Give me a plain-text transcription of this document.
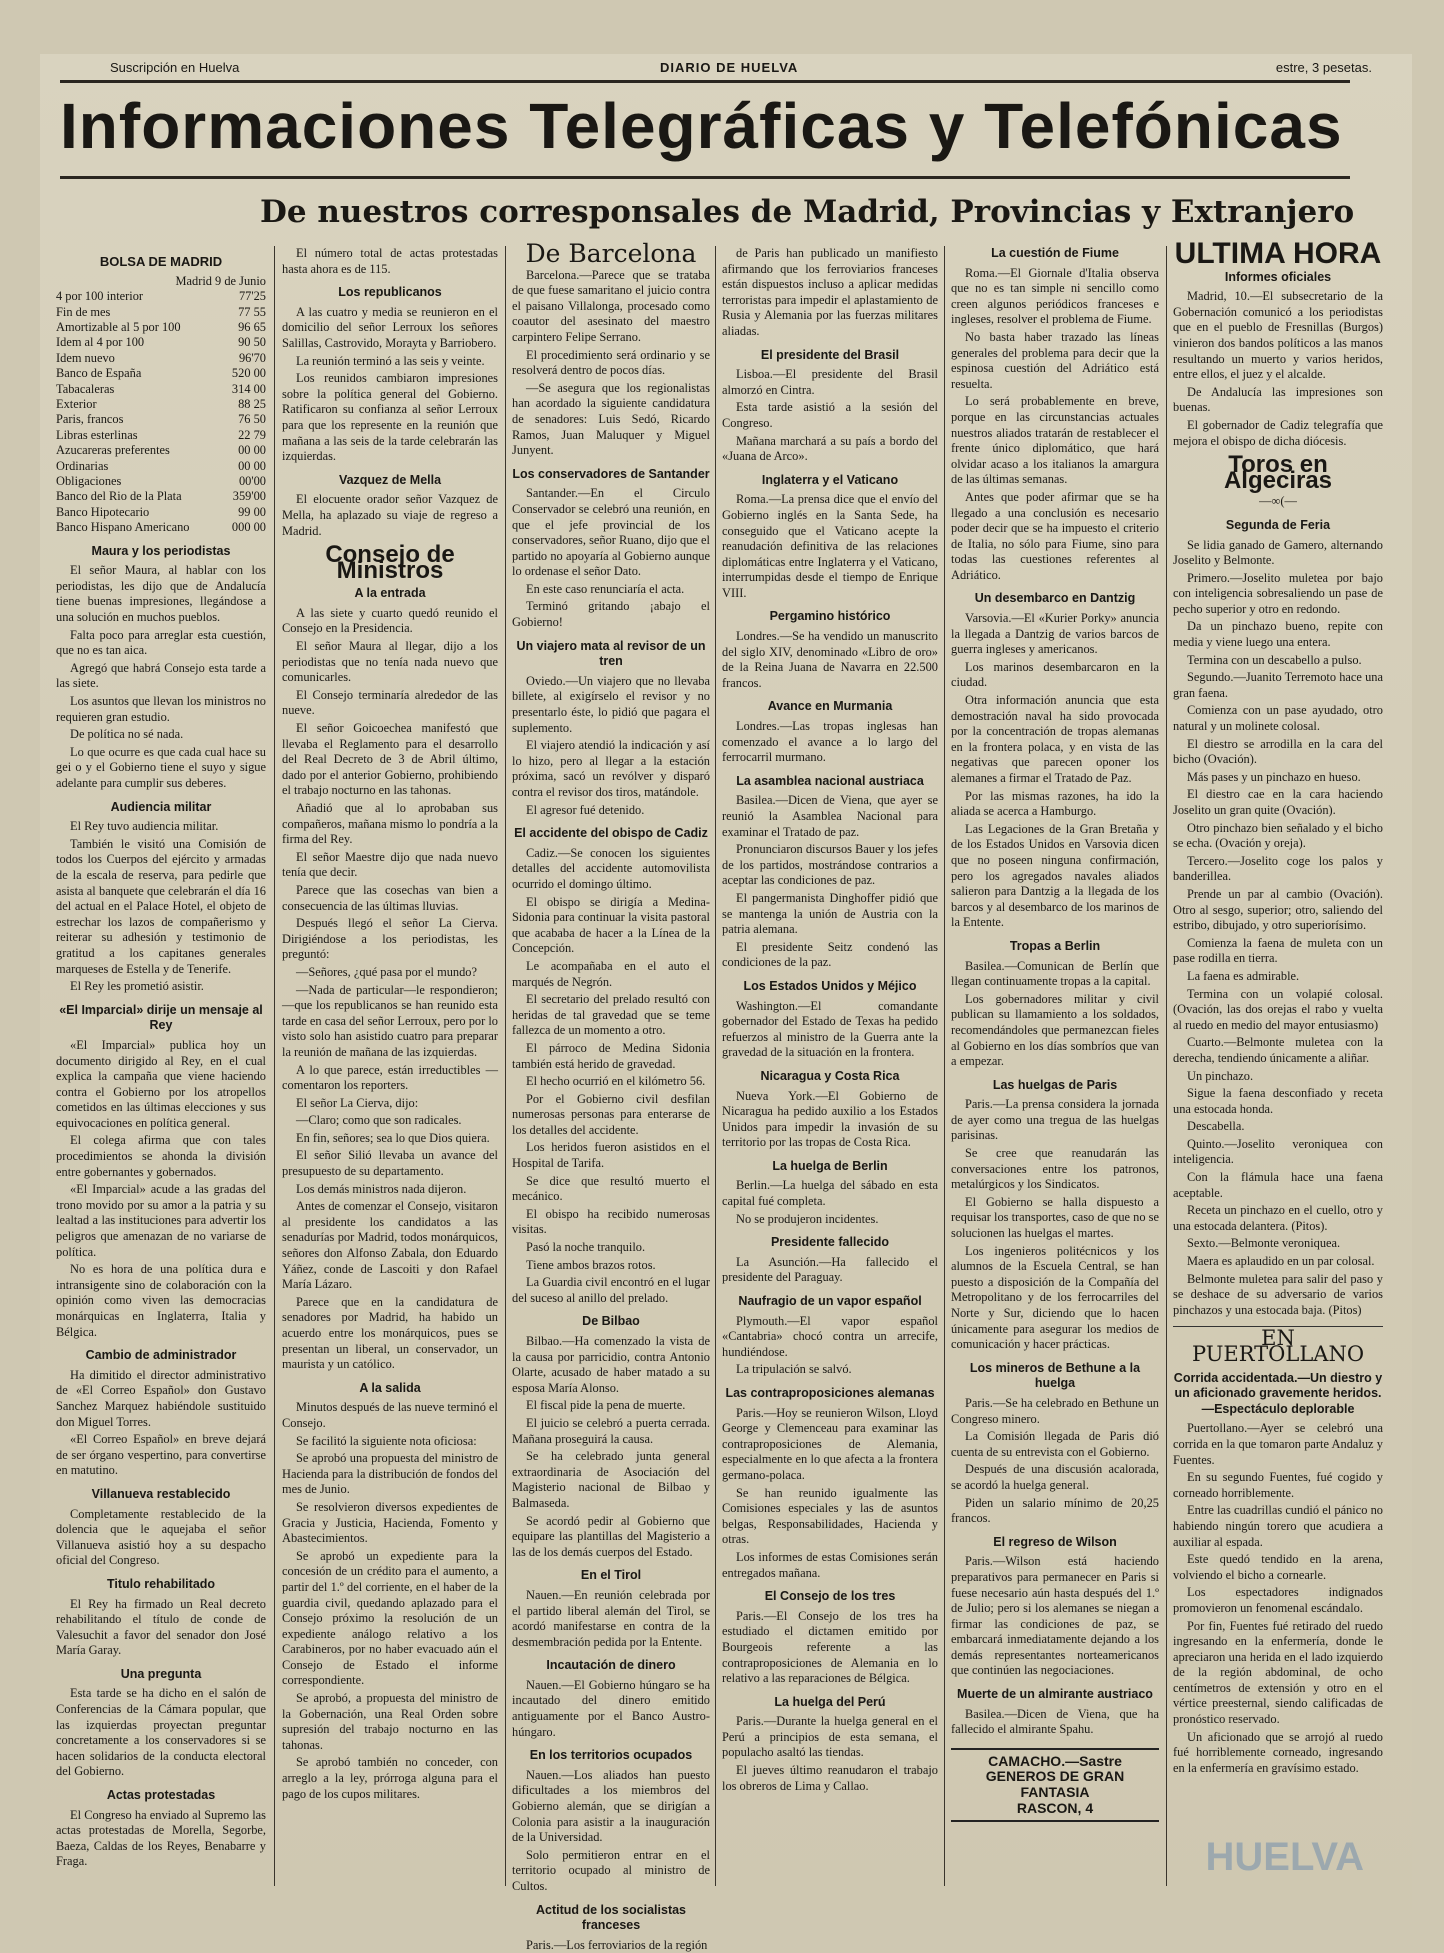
Suscripción en Huelva	DIARIO DE HUELVA	estre, 3 pesetas.
Informaciones Telegráficas y Telefónicas
De nuestros corresponsales de Madrid, Provincias y Extranjero
BOLSA DE MADRID
Madrid 9 de Junio
4 por 100 interior	77'25
Fin de mes	77 55
Amortizable al 5 por 100	96 65
Idem al 4 por 100	90 50
Idem nuevo	96'70
Banco de España	520 00
Tabacaleras	314 00
Exterior	88 25
Paris, francos	76 50
Libras esterlinas	22 79
Azucareras preferentes	00 00
Ordinarias	00 00
Obligaciones	00'00
Banco del Rio de la Plata	359'00
Banco Hipotecario	99 00
Banco Hispano Americano	000 00
Maura y los periodistas

El señor Maura, al hablar con los periodistas, les dijo que de Andalucía tiene buenas impresiones, llegándose a una solución en muchos pueblos.

Falta poco para arreglar esta cuestión, que no es tan aica.

Agregó que habrá Consejo esta tarde a las siete.

Los asuntos que llevan los ministros no requieren gran estudio.

De política no sé nada.

Lo que ocurre es que cada cual hace su gei o y el Gobierno tiene el suyo y sigue adelante para cumplir sus deberes.

Audiencia militar

El Rey tuvo audiencia militar.

También le visitó una Comisión de todos los Cuerpos del ejército y armadas de la escala de reserva, para pedirle que asista al banquete que celebrarán el día 16 del actual en el Palace Hotel, el objeto de estrechar los lazos de compañerismo y reiterar su adhesión y testimonio de gratitud a los capitanes generales marqueses de Estella y de Tenerife.

El Rey les prometió asistir.

«El Imparcial» dirije un mensaje al Rey

«El Imparcial» publica hoy un documento dirigido al Rey, en el cual explica la campaña que viene haciendo contra el Gobierno por los atropellos cometidos en las últimas elecciones y sus equivocaciones en política general.

El colega afirma que con tales procedimientos se ahonda la división entre gobernantes y gobernados.

«El Imparcial» acude a las gradas del trono movido por su amor a la patria y su lealtad a las instituciones para advertir los peligros que amenazan de no variarse de política.

No es hora de una política dura e intransigente sino de colaboración con la opinión como viven las democracias monárquicas en Inglaterra, Italia y Bélgica.

Cambio de administrador

Ha dimitido el director administrativo de «El Correo Español» don Gustavo Sanchez Marquez habiéndole sustituido don Miguel Torres.

«El Correo Español» en breve dejará de ser órgano vespertino, para convertirse en matutino.

Villanueva restablecido

Completamente restablecido de la dolencia que le aquejaba el señor Villanueva asistió hoy a su despacho oficial del Congreso.

Titulo rehabilitado

El Rey ha firmado un Real decreto rehabilitando el título de conde de Valesuchit a favor del senador don José María Garay.

Una pregunta

Esta tarde se ha dicho en el salón de Conferencias de la Cámara popular, que las izquierdas proyectan preguntar concretamente a los conservadores si se hacen solidarios de la conducta electoral del Gobierno.

Actas protestadas

El Congreso ha enviado al Supremo las actas protestadas de Morella, Segorbe, Baeza, Caldas de los Reyes, Benabarre y Fraga.

El número total de actas protestadas hasta ahora es de 115.

Los republicanos

A las cuatro y media se reunieron en el domicilio del señor Lerroux los señores Salillas, Castrovido, Morayta y Barriobero.

La reunión terminó a las seis y veinte.

Los reunidos cambiaron impresiones sobre la política general del Gobierno. Ratificaron su confianza al señor Lerroux para que los represente en la reunión que mañana a las seis de la tarde celebrarán las izquierdas.

Vazquez de Mella

El elocuente orador señor Vazquez de Mella, ha aplazado su viaje de regreso a Madrid.

Consejo de Ministros
A la entrada

A las siete y cuarto quedó reunido el Consejo en la Presidencia.

El señor Maura al llegar, dijo a los periodistas que no tenía nada nuevo que comunicarles.

El Consejo terminaría alrededor de las nueve.

El señor Goicoechea manifestó que llevaba el Reglamento para el desarrollo del Real Decreto de 3 de Abril último, dado por el anterior Gobierno, prohibiendo el trabajo nocturno en las tahonas.

Añadió que al lo aprobaban sus compañeros, mañana mismo lo pondría a la firma del Rey.

El señor Maestre dijo que nada nuevo tenía que decir.

Parece que las cosechas van bien a consecuencia de las últimas lluvias.

Después llegó el señor La Cierva. Dirigiéndose a los periodistas, les preguntó:

—Señores, ¿qué pasa por el mundo?

—Nada de particular—le respondieron;—que los republicanos se han reunido esta tarde en casa del señor Lerroux, pero por lo visto solo han asistido cuatro para preparar la reunión de mañana de las izquierdas.

A lo que parece, están irreductibles —comentaron los reporters.

El señor La Cierva, dijo:

—Claro; como que son radicales.

En fin, señores; sea lo que Dios quiera.

El señor Silió llevaba un avance del presupuesto de su departamento.

Los demás ministros nada dijeron.

Antes de comenzar el Consejo, visitaron al presidente los candidatos a las senadurías por Madrid, todos monárquicos, señores don Alfonso Zabala, don Eduardo Yáñez, conde de Lascoiti y don Rafael María Lázaro.

Parece que en la candidatura de senadores por Madrid, ha habido un acuerdo entre los monárquicos, pues se presentan un liberal, un conservador, un maurista y un católico.

A la salida

Minutos después de las nueve terminó el Consejo.

Se facilitó la siguiente nota oficiosa:

Se aprobó una propuesta del ministro de Hacienda para la distribución de fondos del mes de Junio.

Se resolvieron diversos expedientes de Gracia y Justicia, Hacienda, Fomento y Abastecimientos.

Se aprobó un expediente para la concesión de un crédito para el aumento, a partir del 1.º del corriente, en el haber de la guardia civil, quedando aplazado para el Consejo próximo la resolución de un expediente análogo relativo a los Carabineros, por no haber evacuado aún el Consejo de Estado el informe correspondiente.

Se aprobó, a propuesta del ministro de la Gobernación, una Real Orden sobre supresión del trabajo nocturno en las tahonas.

Se aprobó también no conceder, con arreglo a la ley, prórroga alguna para el pago de los cupos militares.

De Barcelona

Barcelona.—Parece que se trataba de que fuese samaritano el juicio contra el paisano Villalonga, procesado como coautor del asesinato del maestro carpintero Felipe Serrano.

El procedimiento será ordinario y se resolverá dentro de pocos días.

—Se asegura que los regionalistas han acordado la siguiente candidatura de senadores: Luis Sedó, Ricardo Ramos, Juan Maluquer y Miguel Junyent.

Los conservadores de Santander

Santander.—En el Circulo Conservador se celebró una reunión, en que el jefe provincial de los conservadores, señor Ruano, dijo que el partido no apoyaría al Gobierno aunque lo ordenase el señor Dato.

En este caso renunciaría el acta.

Terminó gritando ¡abajo el Gobierno!

Un viajero mata al revisor de un tren

Oviedo.—Un viajero que no llevaba billete, al exigírselo el revisor y no presentarlo éste, lo pidió que pagara el suplemento.

El viajero atendió la indicación y así lo hizo, pero al llegar a la estación próxima, sacó un revólver y disparó contra el revisor dos tiros, matándole.

El agresor fué detenido.

El accidente del obispo de Cadiz

Cadiz.—Se conocen los siguientes detalles del accidente automovilista ocurrido el domingo último.

El obispo se dirigía a Medina-Sidonia para continuar la visita pastoral que acababa de hacer a la Línea de la Concepción.

Le acompañaba en el auto el marqués de Negrón.

El secretario del prelado resultó con heridas de tal gravedad que se teme fallezca de un momento a otro.

El párroco de Medina Sidonia también está herido de gravedad.

El hecho ocurrió en el kilómetro 56.

Por el Gobierno civil desfilan numerosas personas para enterarse de los detalles del accidente.

Los heridos fueron asistidos en el Hospital de Tarifa.

Se dice que resultó muerto el mecánico.

El obispo ha recibido numerosas visitas.

Pasó la noche tranquilo.

Tiene ambos brazos rotos.

La Guardia civil encontró en el lugar del suceso al anillo del prelado.

De Bilbao

Bilbao.—Ha comenzado la vista de la causa por parricidio, contra Antonio Olarte, acusado de haber matado a su esposa María Alonso.

El fiscal pide la pena de muerte.

El juicio se celebró a puerta cerrada. Mañana proseguirá la causa.

Se ha celebrado junta general extraordinaria de Asociación del Magisterio nacional de Bilbao y Balmaseda.

Se acordó pedir al Gobierno que equipare las plantillas del Magisterio a las de los demás cuerpos del Estado.

En el Tirol

Nauen.—En reunión celebrada por el partido liberal alemán del Tirol, se acordó manifestarse en contra de la desmembración pedida por la Entente.

Incautación de dinero

Nauen.—El Gobierno húngaro se ha incautado del dinero emitido antiguamente por el Banco Austro-húngaro.

En los territorios ocupados

Nauen.—Los aliados han puesto dificultades a los miembros del Gobierno alemán, que se dirigían a Colonia para asistir a la inauguración de la Universidad.

Solo permitieron entrar en el territorio ocupado al ministro de Cultos.

Actitud de los socialistas franceses

Paris.—Los ferroviarios de la región

de Paris han publicado un manifiesto afirmando que los ferroviarios franceses están dispuestos incluso a aplicar medidas terroristas para impedir el aplastamiento de Rusia y Alemania por las fuerzas militares aliadas.

El presidente del Brasil

Lisboa.—El presidente del Brasil almorzó en Cintra.

Esta tarde asistió a la sesión del Congreso.

Mañana marchará a su país a bordo del «Juana de Arco».

Inglaterra y el Vaticano

Roma.—La prensa dice que el envío del Gobierno inglés en la Santa Sede, ha conseguido que el Vaticano acepte la reanudación definitiva de las relaciones diplomáticas entre Inglaterra y el Vaticano, interrumpidas desde el tiempo de Enrique VIII.

Pergamino histórico

Londres.—Se ha vendido un manuscrito del siglo XIV, denominado «Libro de oro» de la Reina Juana de Navarra en 22.500 francos.

Avance en Murmania

Londres.—Las tropas inglesas han comenzado el avance a lo largo del ferrocarril murmano.

La asamblea nacional austriaca

Basilea.—Dicen de Viena, que ayer se reunió la Asamblea Nacional para examinar el Tratado de paz.

Pronunciaron discursos Bauer y los jefes de los partidos, mostrándose contrarios a aceptar las condiciones de paz.

El pangermanista Dinghoffer pidió que se mantenga la unión de Austria con la patria alemana.

El presidente Seitz condenó las condiciones de la paz.

Los Estados Unidos y Méjico

Washington.—El comandante gobernador del Estado de Texas ha pedido refuerzos al ministro de la Guerra ante la gravedad de la situación en la frontera.

Nicaragua y Costa Rica

Nueva York.—El Gobierno de Nicaragua ha pedido auxilio a los Estados Unidos para impedir la invasión de su territorio por las tropas de Costa Rica.

La huelga de Berlin

Berlin.—La huelga del sábado en esta capital fué completa.

No se produjeron incidentes.

Presidente fallecido

La Asunción.—Ha fallecido el presidente del Paraguay.

Naufragio de un vapor español

Plymouth.—El vapor español «Cantabria» chocó contra un arrecife, hundiéndose.

La tripulación se salvó.

Las contraproposiciones alemanas

Paris.—Hoy se reunieron Wilson, Lloyd George y Clemenceau para examinar las contraproposiciones de Alemania, especialmente en lo que afecta a la frontera germano-polaca.

Se han reunido igualmente las Comisiones especiales y las de asuntos belgas, Responsabilidades, Hacienda y otras.

Los informes de estas Comisiones serán entregados mañana.

El Consejo de los tres

Paris.—El Consejo de los tres ha estudiado el dictamen emitido por Bourgeois referente a las contraproposiciones de Alemania en lo relativo a las reparaciones de Bélgica.

La huelga del Perú

Paris.—Durante la huelga general en el Perú a principios de esta semana, el populacho asaltó las tiendas.

El jueves último reanudaron el trabajo los obreros de Lima y Callao.

La cuestión de Fiume

Roma.—El Giornale d'Italia observa que no es tan simple ni sencillo como creen algunos periódicos franceses e ingleses, resolver el problema de Fiume.

No basta haber trazado las líneas generales del problema para decir que la espinosa cuestión del Adriático está resuelta.

Lo será probablemente en breve, porque en las circunstancias actuales nuestros aliados tratarán de restablecer el frente único diplomático, que hará olvidar acaso a los italianos la amargura de las últimas semanas.

Antes que poder afirmar que se ha llegado a una conclusión es necesario poder decir que se ha impuesto el criterio de Italia, no sólo para Fiume, sino para todas las cuestiones referentes al Adriático.

Un desembarco en Dantzig

Varsovia.—El «Kurier Porky» anuncia la llegada a Dantzig de varios barcos de guerra ingleses y americanos.

Los marinos desembarcaron en la ciudad.

Otra información anuncia que esta demostración naval ha sido provocada por la concentración de tropas alemanas en la frontera polaca, y en vista de las negativas que parecen oponer los alemanes a firmar el Tratado de Paz.

Por las mismas razones, ha ido la aliada se acerca a Hamburgo.

Las Legaciones de la Gran Bretaña y de los Estados Unidos en Varsovia dicen que no poseen ninguna confirmación, pero los agregados navales aliados salieron para Dantzig a la llegada de los barcos y al desembarco de los marinos de la Entente.

Tropas a Berlin

Basilea.—Comunican de Berlín que llegan continuamente tropas a la capital.

Los gobernadores militar y civil publican su llamamiento a los soldados, recomendándoles que permanezcan fieles al Gobierno en los días sombríos que van a empezar.

Las huelgas de Paris

Paris.—La prensa considera la jornada de ayer como una tregua de las huelgas parisinas.

Se cree que reanudarán las conversaciones entre los patronos, metalúrgicos y los Sindicatos.

El Gobierno se halla dispuesto a requisar los transportes, caso de que no se solucionen las huelgas el martes.

Los ingenieros politécnicos y los alumnos de la Escuela Central, se han puesto a disposición de la Compañía del Metropolitano y de los ferrocarriles del Norte y Sur, diciendo que lo hacen únicamente para asegurar los medios de comunicación y hacer prácticas.

Los mineros de Bethune a la huelga

Paris.—Se ha celebrado en Bethune un Congreso minero.

La Comisión llegada de Paris dió cuenta de su entrevista con el Gobierno.

Después de una discusión acalorada, se acordó la huelga general.

Piden un salario mínimo de 20,25 francos.

El regreso de Wilson

Paris.—Wilson está haciendo preparativos para permanecer en Paris si fuese necesario aún hasta después del 1.º de Julio; pero si los alemanes se niegan a firmar las condiciones de paz, se embarcará inmediatamente dejando a los demás representantes norteamericanos que continúen las negociaciones.

Muerte de un almirante austriaco

Basilea.—Dicen de Viena, que ha fallecido el almirante Spahu.

CAMACHO.—Sastre
GENEROS DE GRAN FANTASIA
RASCON, 4
ULTIMA HORA
Informes oficiales

Madrid, 10.—El subsecretario de la Gobernación comunicó a los periodistas que en el pueblo de Fresnillas (Burgos) vinieron dos bandos políticos a las manos resultando un muerto y varios heridos, entre ellos, el juez y el alcalde.

De Andalucía las impresiones son buenas.

El gobernador de Cadiz telegrafía que mejora el obispo de dicha diócesis.

Toros en Algeciras
—∞(—
Segunda de Feria

Se lidia ganado de Gamero, alternando Joselito y Belmonte.

Primero.—Joselito muletea por bajo con inteligencia sobresaliendo un pase de pecho superior y otro en redondo.

Da un pinchazo bueno, repite con media y viene luego una entera.

Termina con un descabello a pulso.

Segundo.—Juanito Terremoto hace una gran faena.

Comienza con un pase ayudado, otro natural y un molinete colosal.

El diestro se arrodilla en la cara del bicho (Ovación).

Más pases y un pinchazo en hueso.

El diestro cae en la cara haciendo Joselito un gran quite (Ovación).

Otro pinchazo bien señalado y el bicho se echa. (Ovación y oreja).

Tercero.—Joselito coge los palos y banderillea.

Prende un par al cambio (Ovación). Otro al sesgo, superior; otro, saliendo del estribo, dibujado, y otro superiorísimo.

Comienza la faena de muleta con un pase rodilla en tierra.

La faena es admirable.

Termina con un volapié colosal. (Ovación, las dos orejas el rabo y vuelta al ruedo en medio del mayor entusiasmo)

Cuarto.—Belmonte muletea con la derecha, tendiendo únicamente a aliñar.

Un pinchazo.

Sigue la faena desconfiado y receta una estocada honda.

Descabella.

Quinto.—Joselito veroniquea con inteligencia.

Con la flámula hace una faena aceptable.

Receta un pinchazo en el cuello, otro y una estocada delantera. (Pitos).

Sexto.—Belmonte veroniquea.

Maera es aplaudido en un par colosal.

Belmonte muletea para salir del paso y se deshace de su adversario de varios pinchazos y una estocada baja. (Pitos)

EN PUERTOLLANO
Corrida accidentada.—Un diestro y un aficionado gravemente heridos.—Espectáculo deplorable

Puertollano.—Ayer se celebró una corrida en la que tomaron parte Andaluz y Fuentes.

En su segundo Fuentes, fué cogido y corneado horriblemente.

Entre las cuadrillas cundió el pánico no habiendo ningún torero que acudiera a auxiliar al espada.

Este quedó tendido en la arena, volviendo el bicho a cornearle.

Los espectadores indignados promovieron un fenomenal escándalo.

Por fin, Fuentes fué retirado del ruedo ingresando en la enfermería, donde le apreciaron una herida en el lado izquierdo de la región abdominal, de ocho centímetros de extensión y otro en el vértice preesternal, siendo calificadas de pronóstico reservado.

Un aficionado que se arrojó al ruedo fué horriblemente corneado, ingresando en la enfermería en gravísimo estado.

HUELVA
